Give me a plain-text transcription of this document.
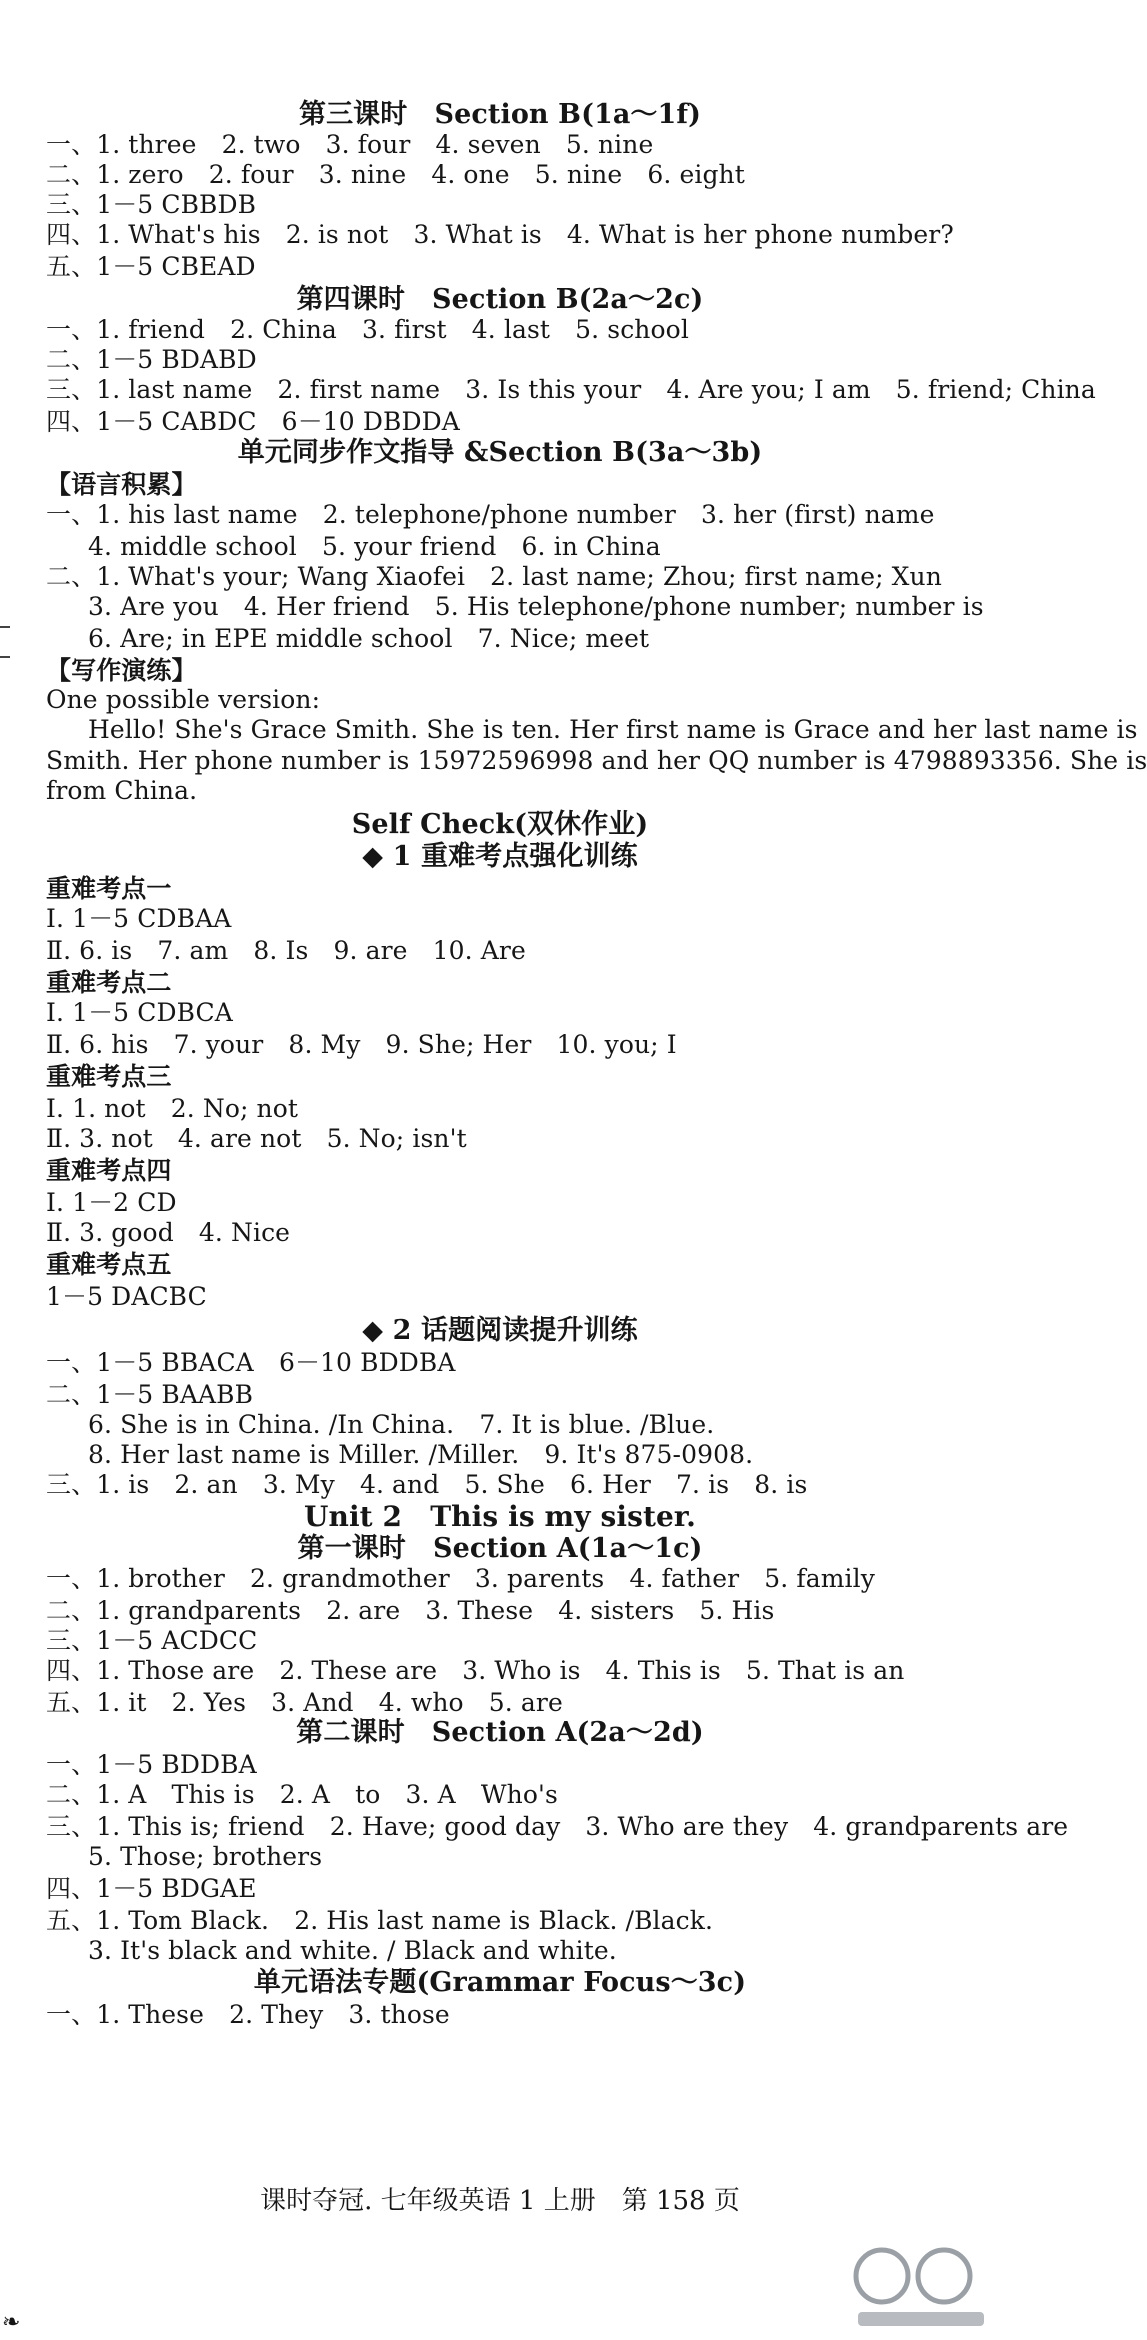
第三课时　Section B(1a～1f)
一、1. three　2. two　3. four　4. seven　5. nine
二、1. zero　2. four　3. nine　4. one　5. nine　6. eight
三、1－5 CBBDB
四、1. What's his　2. is not　3. What is　4. What is her phone number?
五、1－5 CBEAD
第四课时　Section B(2a～2c)
一、1. friend　2. China　3. first　4. last　5. school
二、1－5 BDABD
三、1. last name　2. first name　3. Is this your　4. Are you; I am　5. friend; China
四、1－5 CABDC　6－10 DBDDA
单元同步作文指导 &Section B(3a～3b)
【语言积累】
一、1. his last name　2. telephone/phone number　3. her (first) name
4. middle school　5. your friend　6. in China
二、1. What's your; Wang Xiaofei　2. last name; Zhou; first name; Xun
3. Are you　4. Her friend　5. His telephone/phone number; number is
6. Are; in EPE middle school　7. Nice; meet
【写作演练】
One possible version:
Hello! She's Grace Smith. She is ten. Her first name is Grace and her last name is
Smith. Her phone number is 15972596998 and her QQ number is 4798893356. She is
from China.
Self Check(双休作业)
◆ 1 重难考点强化训练
重难考点一
Ⅰ. 1－5 CDBAA
Ⅱ. 6. is　7. am　8. Is　9. are　10. Are
重难考点二
Ⅰ. 1－5 CDBCA
Ⅱ. 6. his　7. your　8. My　9. She; Her　10. you; I
重难考点三
Ⅰ. 1. not　2. No; not
Ⅱ. 3. not　4. are not　5. No; isn't
重难考点四
Ⅰ. 1－2 CD
Ⅱ. 3. good　4. Nice
重难考点五
1－5 DACBC
◆ 2 话题阅读提升训练
一、1－5 BBACA　6－10 BDDBA
二、1－5 BAABB
6. She is in China. /In China.　7. It is blue. /Blue.
8. Her last name is Miller. /Miller.　9. It's 875-0908.
三、1. is　2. an　3. My　4. and　5. She　6. Her　7. is　8. is
Unit 2　This is my sister.
第一课时　Section A(1a～1c)
一、1. brother　2. grandmother　3. parents　4. father　5. family
二、1. grandparents　2. are　3. These　4. sisters　5. His
三、1－5 ACDCC
四、1. Those are　2. These are　3. Who is　4. This is　5. That is an
五、1. it　2. Yes　3. And　4. who　5. are
第二课时　Section A(2a～2d)
一、1－5 BDDBA
二、1. A　This is　2. A　to　3. A　Who's
三、1. This is; friend　2. Have; good day　3. Who are they　4. grandparents are
5. Those; brothers
四、1－5 BDGAE
五、1. Tom Black.　2. His last name is Black. /Black.
3. It's black and white. / Black and white.
单元语法专题(Grammar Focus～3c)
一、1. These　2. They　3. those
课时夺冠. 七年级英语 1 上册　第 158 页
❧
